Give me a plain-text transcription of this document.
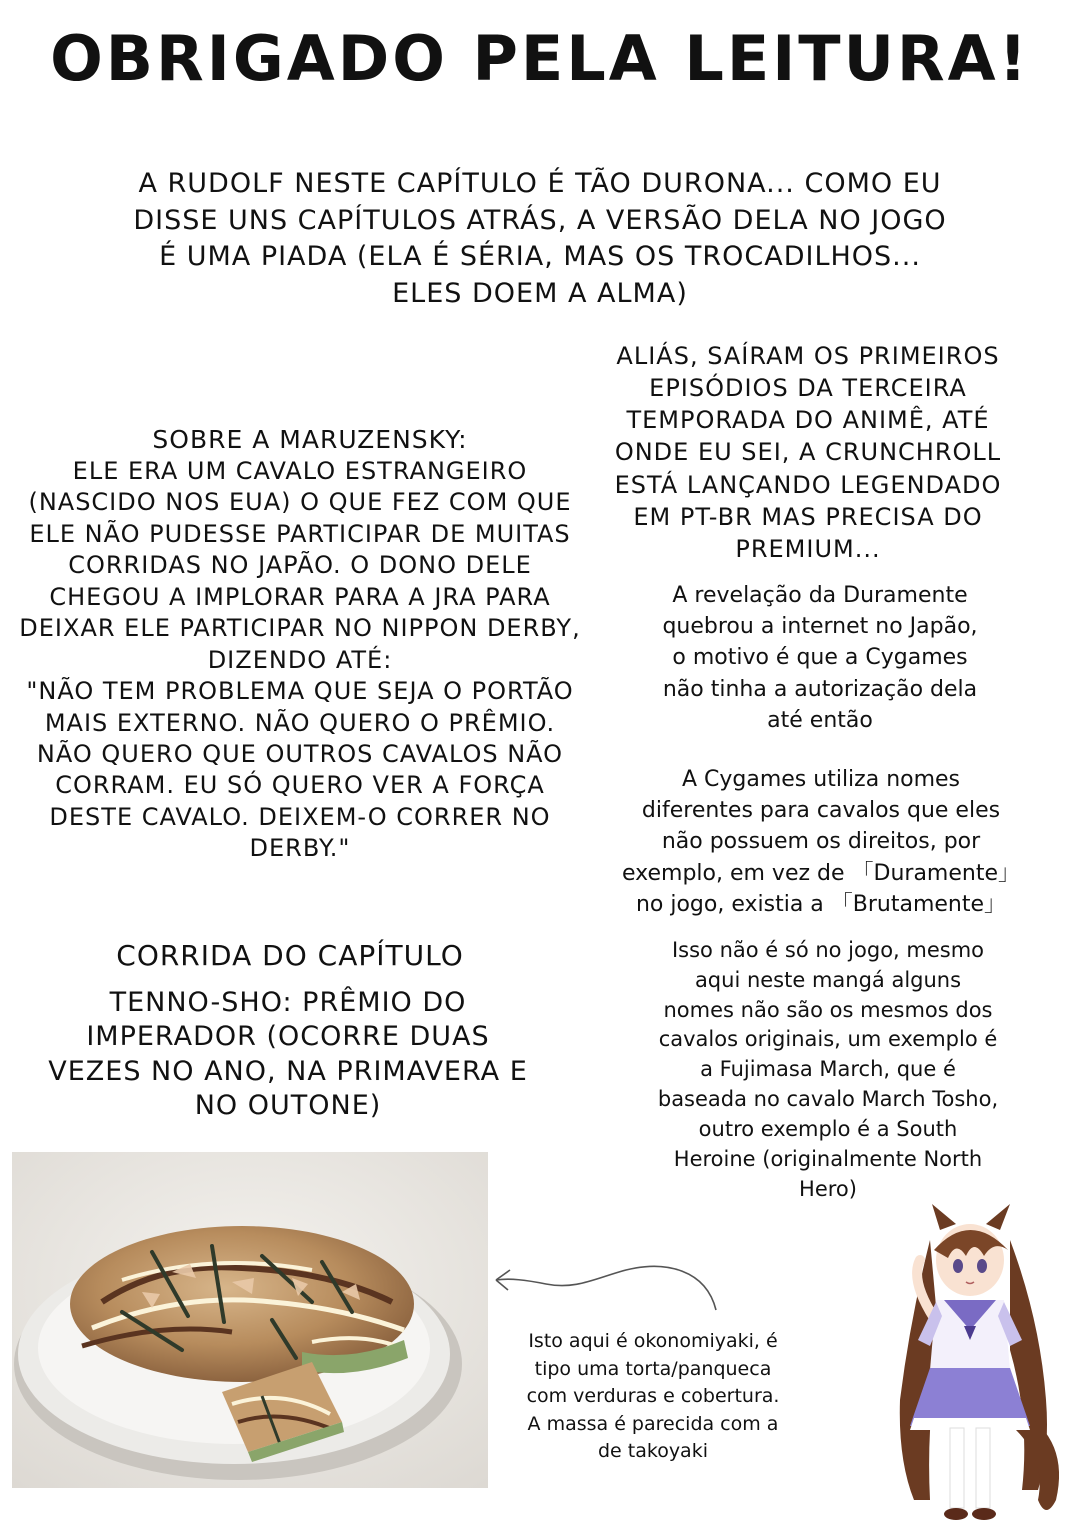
OBRIGADO PELA LEITURA!
A RUDOLF NESTE CAPÍTULO É TÃO DURONA... COMO EU
DISSE UNS CAPÍTULOS ATRÁS, A VERSÃO DELA NO JOGO
É UMA PIADA (ELA É SÉRIA, MAS OS TROCADILHOS...
ELES DOEM A ALMA)
ALIÁS, SAÍRAM OS PRIMEIROS
EPISÓDIOS DA TERCEIRA
TEMPORADA DO ANIMÊ, ATÉ
ONDE EU SEI, A CRUNCHROLL
ESTÁ LANÇANDO LEGENDADO
EM PT-BR MAS PRECISA DO
PREMIUM...
SOBRE A MARUZENSKY:
ELE ERA UM CAVALO ESTRANGEIRO
(NASCIDO NOS EUA) O QUE FEZ COM QUE
ELE NÃO PUDESSE PARTICIPAR DE MUITAS
CORRIDAS NO JAPÃO. O DONO DELE
CHEGOU A IMPLORAR PARA A JRA PARA
DEIXAR ELE PARTICIPAR NO NIPPON DERBY,
DIZENDO ATÉ:
"NÃO TEM PROBLEMA QUE SEJA O PORTÃO
MAIS EXTERNO. NÃO QUERO O PRÊMIO.
NÃO QUERO QUE OUTROS CAVALOS NÃO
CORRAM. EU SÓ QUERO VER A FORÇA
DESTE CAVALO. DEIXEM-O CORRER NO
DERBY."
CORRIDA DO CAPÍTULO
TENNO-SHO: PRÊMIO DO
IMPERADOR (OCORRE DUAS
VEZES NO ANO, NA PRIMAVERA E
NO OUTONE)
A revelação da Duramente
quebrou a internet no Japão,
o motivo é que a Cygames
não tinha a autorização dela
até então
A Cygames utiliza nomes
diferentes para cavalos que eles
não possuem os direitos, por
exemplo, em vez de 「Duramente」
no jogo, existia a 「Brutamente」
Isso não é só no jogo, mesmo
aqui neste mangá alguns
nomes não são os mesmos dos
cavalos originais, um exemplo é
a Fujimasa March, que é
baseada no cavalo March Tosho,
outro exemplo é a South
Heroine (originalmente North
Hero)
Isto aqui é okonomiyaki, é
tipo uma torta/panqueca
com verduras e cobertura.
A massa é parecida com a
de takoyaki
